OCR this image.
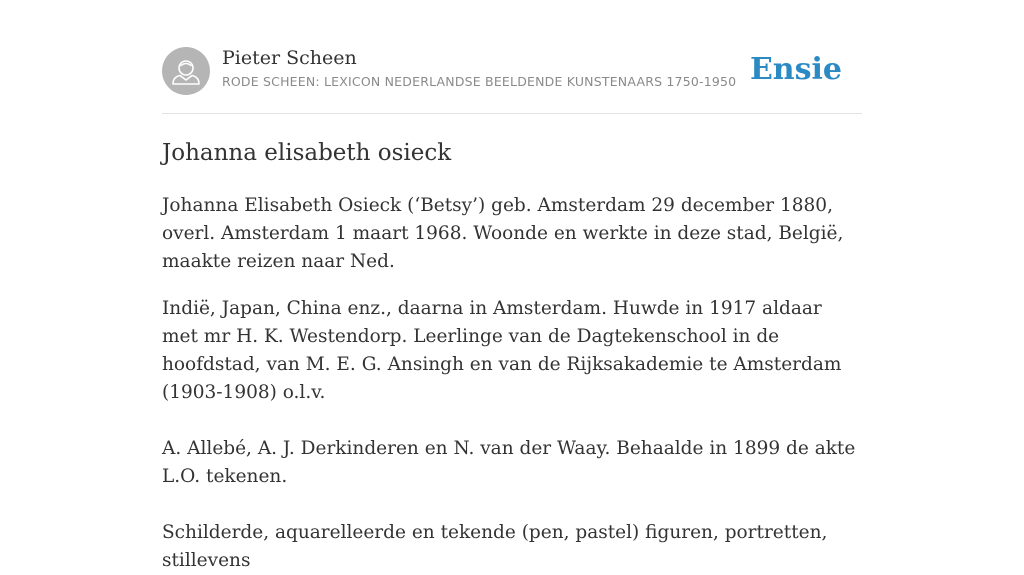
Pieter Scheen
RODE SCHEEN: LEXICON NEDERLANDSE BEELDENDE KUNSTENAARS 1750-1950 Ensie
Johanna elisabeth osieck

Johanna Elisabeth Osieck (‘Betsy’) geb. Amsterdam 29 december 1880, overl. Amsterdam 1 maart 1968. Woonde en werkte in deze stad, België, maakte reizen naar Ned.

Indië, Japan, China enz., daarna in Amsterdam. Huwde in 1917 aldaar met mr H. K. Westendorp. Leerlinge van de Dagtekenschool in de hoofdstad, van M. E. G. Ansingh en van de Rijksakademie te Amsterdam (1903-1908) o.l.v.

A. Allebé, A. J. Derkinderen en N. van der Waay. Behaalde in 1899 de akte L.O. tekenen.

Schilderde, aquarelleerde en tekende (pen, pastel) figuren, portretten, stillevens
